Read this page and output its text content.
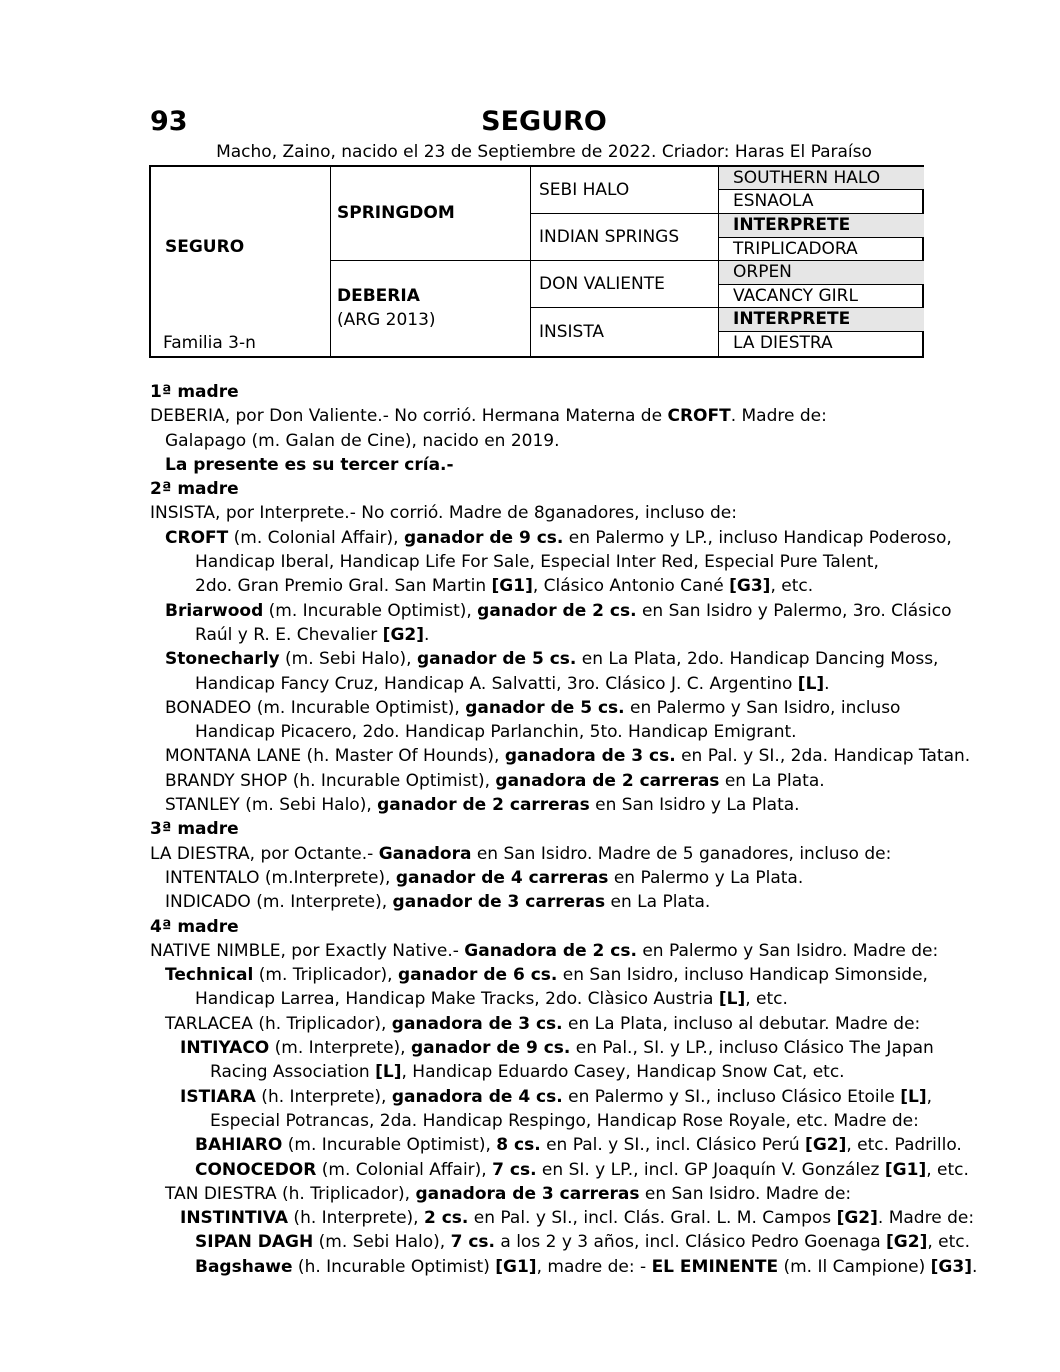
93	SEGURO
Macho, Zaino, nacido el 23 de Septiembre de 2022. Criador: Haras El Paraíso
SEGURO
Familia 3-n
SPRINGDOM
DEBERIA
(ARG 2013)
SEBI HALO
INDIAN SPRINGS
DON VALIENTE
INSISTA
SOUTHERN HALO
ESNAOLA
INTERPRETE
TRIPLICADORA
ORPEN
VACANCY GIRL
INTERPRETE
LA DIESTRA

1ª madre

DEBERIA, por Don Valiente.- No corrió. Hermana Materna de CROFT. Madre de:

Galapago (m. Galan de Cine), nacido en 2019.

La presente es su tercer cría.-

2ª madre

INSISTA, por Interprete.- No corrió. Madre de 8ganadores, incluso de:

CROFT (m. Colonial Affair), ganador de 9 cs. en Palermo y LP., incluso Handicap Poderoso,

Handicap Iberal, Handicap Life For Sale, Especial Inter Red, Especial Pure Talent,

2do. Gran Premio Gral. San Martin [G1], Clásico Antonio Cané [G3], etc.

Briarwood (m. Incurable Optimist), ganador de 2 cs. en San Isidro y Palermo, 3ro. Clásico

Raúl y R. E. Chevalier [G2].

Stonecharly (m. Sebi Halo), ganador de 5 cs. en La Plata, 2do. Handicap Dancing Moss,

Handicap Fancy Cruz, Handicap A. Salvatti, 3ro. Clásico J. C. Argentino [L].

BONADEO (m. Incurable Optimist), ganador de 5 cs. en Palermo y San Isidro, incluso

Handicap Picacero, 2do. Handicap Parlanchin, 5to. Handicap Emigrant.

MONTANA LANE (h. Master Of Hounds), ganadora de 3 cs. en Pal. y SI., 2da. Handicap Tatan.

BRANDY SHOP (h. Incurable Optimist), ganadora de 2 carreras en La Plata.

STANLEY (m. Sebi Halo), ganador de 2 carreras en San Isidro y La Plata.

3ª madre

LA DIESTRA, por Octante.- Ganadora en San Isidro. Madre de 5 ganadores, incluso de:

INTENTALO (m.Interprete), ganador de 4 carreras en Palermo y La Plata.

INDICADO (m. Interprete), ganador de 3 carreras en La Plata.

4ª madre

NATIVE NIMBLE, por Exactly Native.- Ganadora de 2 cs. en Palermo y San Isidro. Madre de:

Technical (m. Triplicador), ganador de 6 cs. en San Isidro, incluso Handicap Simonside,

Handicap Larrea, Handicap Make Tracks, 2do. Clàsico Austria [L], etc.

TARLACEA (h. Triplicador), ganadora de 3 cs. en La Plata, incluso al debutar. Madre de:

INTIYACO (m. Interprete), ganador de 9 cs. en Pal., SI. y LP., incluso Clásico The Japan

Racing Association [L], Handicap Eduardo Casey, Handicap Snow Cat, etc.

ISTIARA (h. Interprete), ganadora de 4 cs. en Palermo y SI., incluso Clásico Etoile [L],

Especial Potrancas, 2da. Handicap Respingo, Handicap Rose Royale, etc. Madre de:

BAHIARO (m. Incurable Optimist), 8 cs. en Pal. y SI., incl. Clásico Perú [G2], etc. Padrillo.

CONOCEDOR (m. Colonial Affair), 7 cs. en SI. y LP., incl. GP Joaquín V. González [G1], etc.

TAN DIESTRA (h. Triplicador), ganadora de 3 carreras en San Isidro. Madre de:

INSTINTIVA (h. Interprete), 2 cs. en Pal. y SI., incl. Clás. Gral. L. M. Campos [G2]. Madre de:

SIPAN DAGH (m. Sebi Halo), 7 cs. a los 2 y 3 años, incl. Clásico Pedro Goenaga [G2], etc.

Bagshawe (h. Incurable Optimist) [G1], madre de: - EL EMINENTE (m. Il Campione) [G3].
